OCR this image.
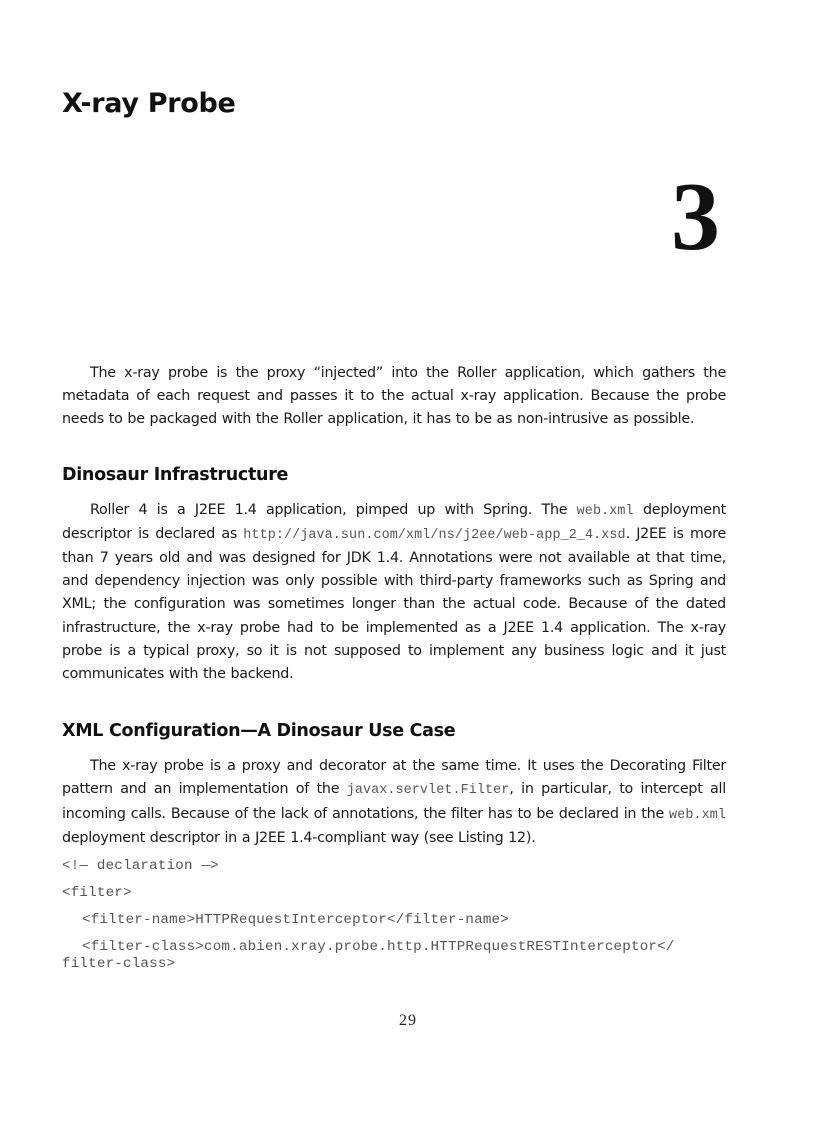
X-ray Probe
3

The x-ray probe is the proxy “injected” into the Roller application, which gathers the metadata of each request and passes it to the actual x-ray application. Because the probe needs to be packaged with the Roller application, it has to be as non-intrusive as possible.

Dinosaur Infrastructure

Roller 4 is a J2EE 1.4 application, pimped up with Spring. The web.xml deployment descriptor is declared as http://java.sun.com/xml/ns/j2ee/web-app_2_4.xsd. J2EE is more than 7 years old and was designed for JDK 1.4. Annotations were not available at that time, and dependency injection was only possible with third-party frameworks such as Spring and XML; the configuration was sometimes longer than the actual code. Because of the dated infrastructure, the x-ray probe had to be implemented as a J2EE 1.4 application. The x-ray probe is a typical proxy, so it is not supposed to implement any business logic and it just communicates with the backend.

XML Configuration—A Dinosaur Use Case

The x-ray probe is a proxy and decorator at the same time. It uses the Decorating Filter pattern and an implementation of the javax.servlet.Filter, in particular, to intercept all incoming calls. Because of the lack of annotations, the filter has to be declared in the web.xml deployment descriptor in a J2EE 1.4-compliant way (see Listing 12).

<!— declaration —>
<filter>
<filter-name>HTTPRequestInterceptor</filter-name>
<filter-class>com.abien.xray.probe.http.HTTPRequestRESTInterceptor</ filter-class>
29
